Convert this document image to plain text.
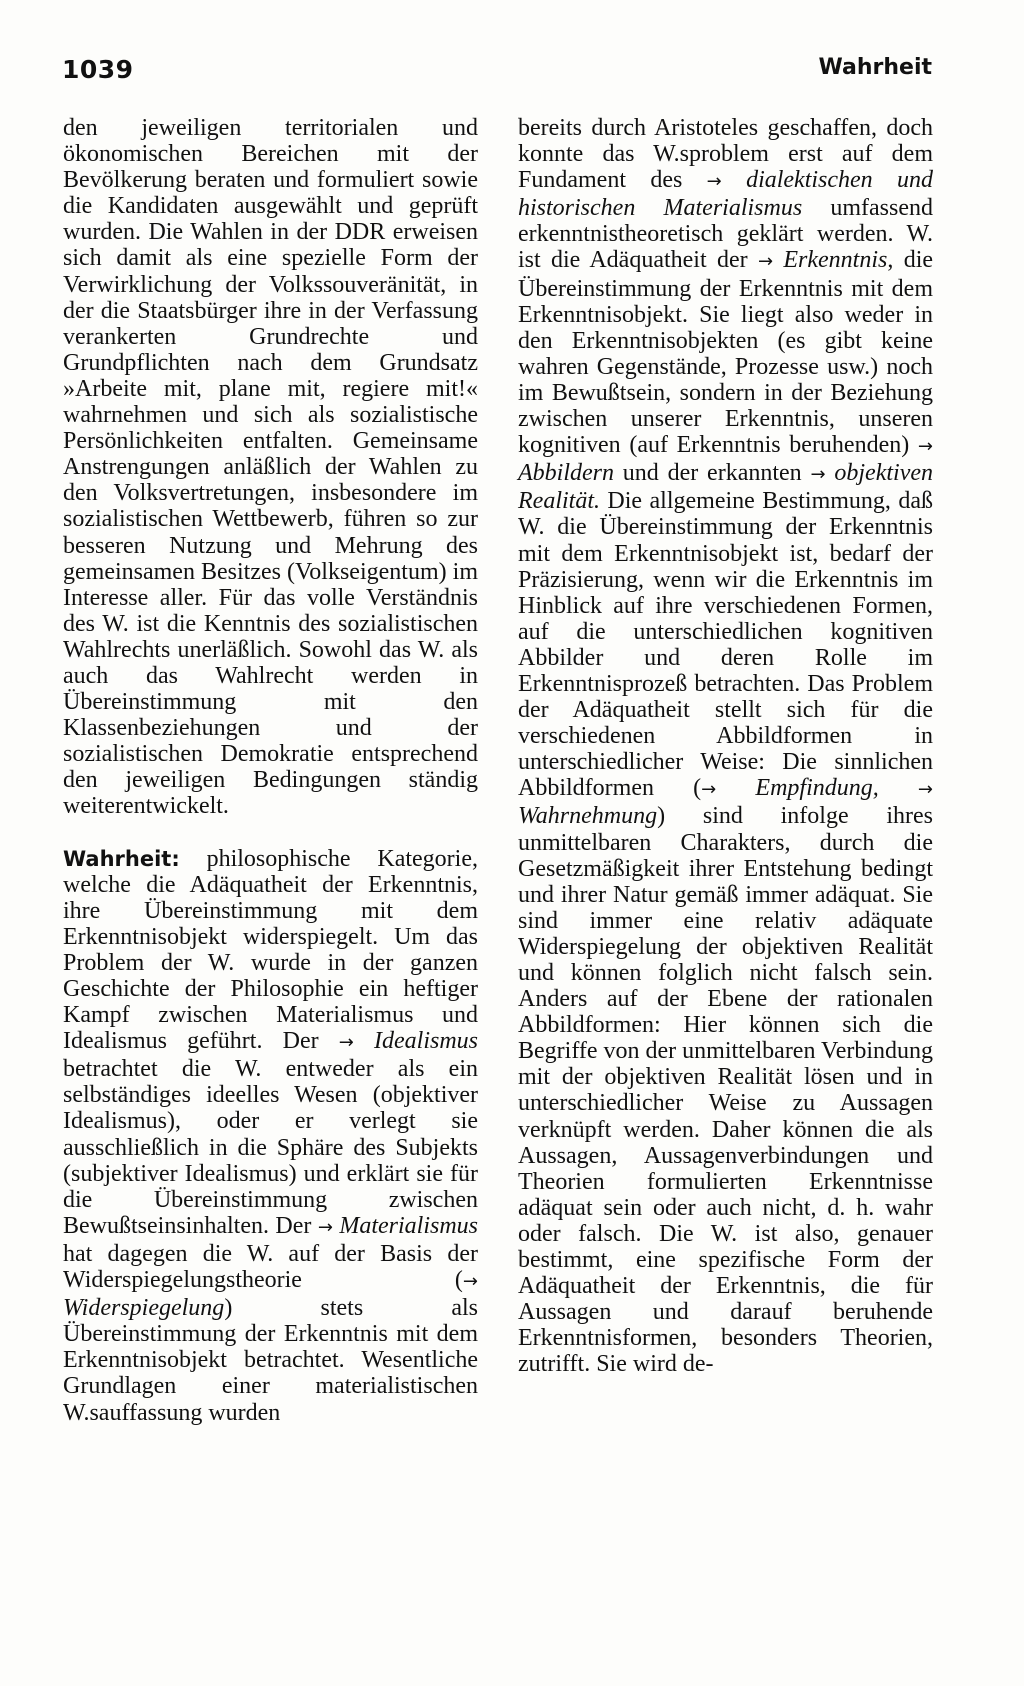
1039	Wahrheit

den jeweiligen territorialen und ökonomischen Bereichen mit der Bevölkerung beraten und formuliert sowie die Kandidaten ausgewählt und geprüft wurden. Die Wahlen in der DDR erweisen sich damit als eine spezielle Form der Verwirklichung der Volkssouveränität, in der die Staatsbürger ihre in der Verfassung verankerten Grundrechte und Grundpflichten nach dem Grundsatz »Arbeite mit, plane mit, regiere mit!« wahrnehmen und sich als sozialistische Persönlichkeiten entfalten. Gemeinsame Anstrengungen anläßlich der Wahlen zu den Volksvertretungen, insbesondere im sozialistischen Wettbewerb, führen so zur besseren Nutzung und Mehrung des gemeinsamen Besitzes (Volkseigentum) im Interesse aller. Für das volle Verständnis des W. ist die Kenntnis des sozialistischen Wahlrechts unerläßlich. Sowohl das W. als auch das Wahlrecht werden in Übereinstimmung mit den Klassenbeziehungen und der sozialistischen Demokratie entsprechend den jeweiligen Bedingungen ständig weiterentwickelt.

Wahrheit: philosophische Kategorie, welche die Adäquatheit der Erkenntnis, ihre Übereinstimmung mit dem Erkenntnisobjekt widerspiegelt. Um das Problem der W. wurde in der ganzen Geschichte der Philosophie ein heftiger Kampf zwischen Materialismus und Idealismus geführt. Der → Idealismus betrachtet die W. entweder als ein selbständiges ideelles Wesen (objektiver Idealismus), oder er verlegt sie ausschließlich in die Sphäre des Subjekts (subjektiver Idealismus) und erklärt sie für die Übereinstimmung zwischen Bewußtseinsinhalten. Der → Materialismus hat dagegen die W. auf der Basis der Widerspiegelungstheorie (→ Widerspiegelung) stets als Übereinstimmung der Erkenntnis mit dem Erkenntnisobjekt betrachtet. Wesentliche Grundlagen einer materialistischen W.sauffassung wurden

bereits durch Aristoteles geschaffen, doch konnte das W.sproblem erst auf dem Fundament des → dialektischen und historischen Materialismus umfassend erkenntnistheoretisch geklärt werden. W. ist die Adäquatheit der → Erkenntnis, die Übereinstimmung der Erkenntnis mit dem Erkenntnisobjekt. Sie liegt also weder in den Erkenntnisobjekten (es gibt keine wahren Gegenstände, Prozesse usw.) noch im Bewußtsein, sondern in der Beziehung zwischen unserer Erkenntnis, unseren kognitiven (auf Erkenntnis beruhenden) → Abbildern und der erkannten → objektiven Realität. Die allgemeine Bestimmung, daß W. die Übereinstimmung der Erkenntnis mit dem Erkenntnisobjekt ist, bedarf der Präzisierung, wenn wir die Erkenntnis im Hinblick auf ihre verschiedenen Formen, auf die unterschiedlichen kognitiven Abbilder und deren Rolle im Erkenntnisprozeß betrachten. Das Problem der Adäquatheit stellt sich für die verschiedenen Abbildformen in unterschiedlicher Weise: Die sinnlichen Abbildformen (→ Empfindung, → Wahrnehmung) sind infolge ihres unmittelbaren Charakters, durch die Gesetzmäßigkeit ihrer Entstehung bedingt und ihrer Natur gemäß immer adäquat. Sie sind immer eine relativ adäquate Widerspiegelung der objektiven Realität und können folglich nicht falsch sein. Anders auf der Ebene der rationalen Abbildformen: Hier können sich die Begriffe von der unmittelbaren Verbindung mit der objektiven Realität lösen und in unterschiedlicher Weise zu Aussagen verknüpft werden. Daher können die als Aussagen, Aussagenverbindungen und Theorien formulierten Erkenntnisse adäquat sein oder auch nicht, d. h. wahr oder falsch. Die W. ist also, genauer bestimmt, eine spezifische Form der Adäquatheit der Erkenntnis, die für Aussagen und darauf beruhende Erkenntnisformen, besonders Theorien, zutrifft. Sie wird de-
